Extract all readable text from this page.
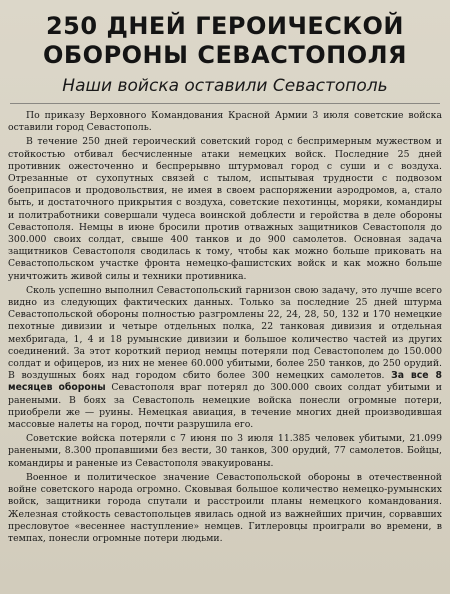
250 ДНЕЙ ГЕРОИЧЕСКОЙ
ОБОРОНЫ СЕВАСТОПОЛЯ
Наши войска оставили Севастополь

По приказу Верховного Командования Красной Армии 3 июля советские войска оставили город Севастополь.

В течение 250 дней героический советский город с беспримерным мужеством и стойкостью отбивал бесчисленные атаки немецких войск. Последние 25 дней противник ожесточенно и беспрерывно штурмовал город с суши и с воздуха. Отрезанные от сухопутных связей с тылом, испытывая трудности с подвозом боеприпасов и продовольствия, не имея в своем распоряжении аэродромов, а, стало быть, и достаточного прикрытия с воздуха, советские пехотинцы, моряки, командиры и политработники совершали чудеса воинской доблести и геройства в деле обороны Севастополя. Немцы в июне бросили против отважных защитников Севастополя до 300.000 своих солдат, свыше 400 танков и до 900 самолетов. Основная задача защитников Севастополя сводилась к тому, чтобы как можно больше приковать на Севастопольском участке фронта немецко-фашистских войск и как можно больше уничтожить живой силы и техники противника.

Сколь успешно выполнил Севастопольский гарнизон свою задачу, это лучше всего видно из следующих фактических данных. Только за последние 25 дней штурма Севастопольской обороны полностью разгромлены 22, 24, 28, 50, 132 и 170 немецкие пехотные дивизии и четыре отдельных полка, 22 танковая дивизия и отдельная мехбригада, 1, 4 и 18 румынские дивизии и большое количество частей из других соединений. За этот короткий период немцы потеряли под Севастополем до 150.000 солдат и офицеров, из них не менее 60.000 убитыми, более 250 танков, до 250 орудий. В воздушных боях над городом сбито более 300 немецких самолетов. За все 8 месяцев обороны Севастополя враг потерял до 300.000 своих солдат убитыми и ранеными. В боях за Севастополь немецкие войска понесли огромные потери, приобрели же — руины. Немецкая авиация, в течение многих дней производившая массовые налеты на город, почти разрушила его.

Советские войска потеряли с 7 июня по 3 июля 11.385 человек убитыми, 21.099 ранеными, 8.300 пропавшими без вести, 30 танков, 300 орудий, 77 самолетов. Бойцы, командиры и раненые из Севастополя эвакуированы.

Военное и политическое значение Севастопольской обороны в отечественной войне советского народа огромно. Сковывая большое количество немецко-румынских войск, защитники города спутали и расстроили планы немецкого командования. Железная стойкость севастопольцев явилась одной из важнейших причин, сорвавших пресловутое «весеннее наступление» немцев. Гитлеровцы проиграли во времени, в темпах, понесли огромные потери людьми.
